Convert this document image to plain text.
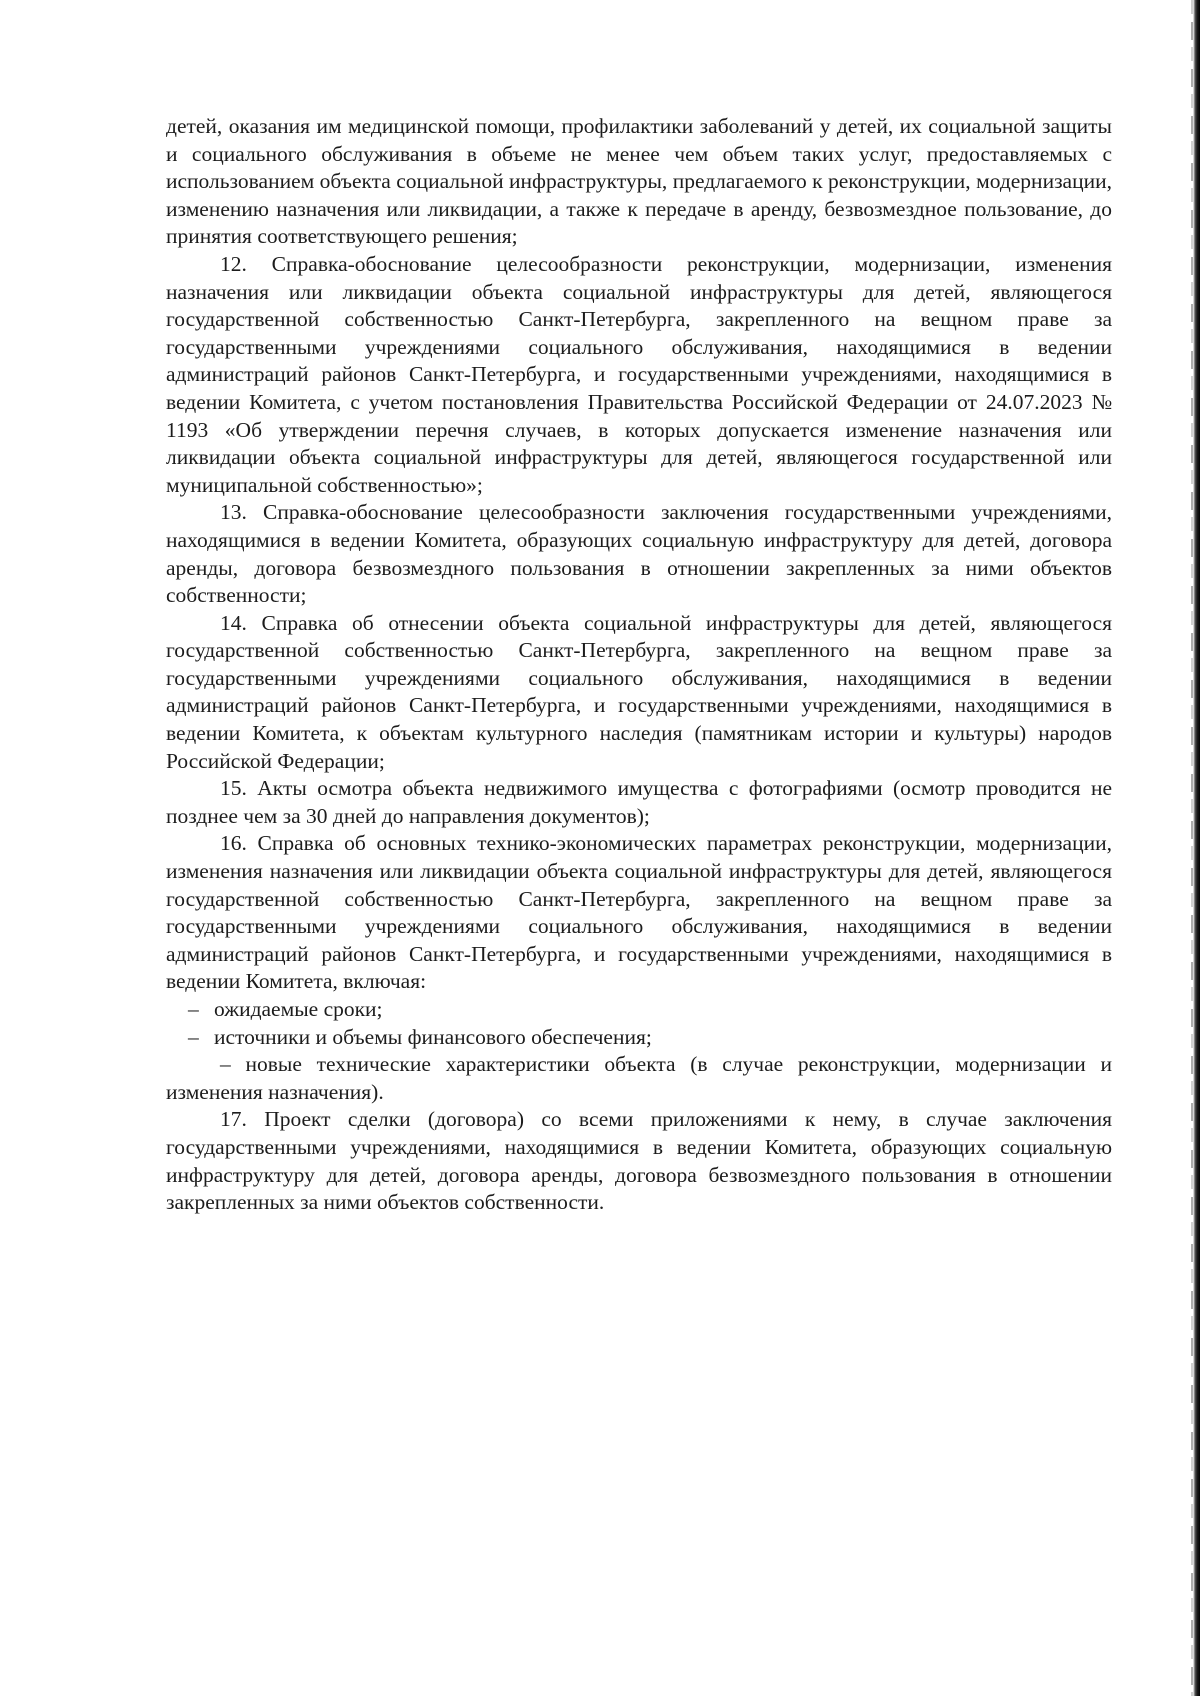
детей, оказания им медицинской помощи, профилактики заболеваний у детей, их социальной защиты и социального обслуживания в объеме не менее чем объем таких услуг, предоставляемых с использованием объекта социальной инфраструктуры, предлагаемого к реконструкции, модернизации, изменению назначения или ликвидации, а также к передаче в аренду, безвозмездное пользование, до принятия соответствующего решения;

12. Справка-обоснование целесообразности реконструкции, модернизации, изменения назначения или ликвидации объекта социальной инфраструктуры для детей, являющегося государственной собственностью Санкт-Петербурга, закрепленного на вещном праве за государственными учреждениями социального обслуживания, находящимися в ведении администраций районов Санкт-Петербурга, и государственными учреждениями, находящимися в ведении Комитета, с учетом постановления Правительства Российской Федерации от 24.07.2023 № 1193 «Об утверждении перечня случаев, в которых допускается изменение назначения или ликвидации объекта социальной инфраструктуры для детей, являющегося государственной или муниципальной собственностью»;

13. Справка-обоснование целесообразности заключения государственными учреждениями, находящимися в ведении Комитета, образующих социальную инфраструктуру для детей, договора аренды, договора безвозмездного пользования в отношении закрепленных за ними объектов собственности;

14. Справка об отнесении объекта социальной инфраструктуры для детей, являющегося государственной собственностью Санкт-Петербурга, закрепленного на вещном праве за государственными учреждениями социального обслуживания, находящимися в ведении администраций районов Санкт-Петербурга, и государственными учреждениями, находящимися в ведении Комитета, к объектам культурного наследия (памятникам истории и культуры) народов Российской Федерации;

15. Акты осмотра объекта недвижимого имущества с фотографиями (осмотр проводится не позднее чем за 30 дней до направления документов);

16. Справка об основных технико-экономических параметрах реконструкции, модернизации, изменения назначения или ликвидации объекта социальной инфраструктуры для детей, являющегося государственной собственностью Санкт-Петербурга, закрепленного на вещном праве за государственными учреждениями социального обслуживания, находящимися в ведении администраций районов Санкт-Петербурга, и государственными учреждениями, находящимися в ведении Комитета, включая:

– ожидаемые сроки;

– источники и объемы финансового обеспечения;

– новые технические характеристики объекта (в случае реконструкции, модернизации и изменения назначения).

17. Проект сделки (договора) со всеми приложениями к нему, в случае заключения государственными учреждениями, находящимися в ведении Комитета, образующих социальную инфраструктуру для детей, договора аренды, договора безвозмездного пользования в отношении закрепленных за ними объектов собственности.
